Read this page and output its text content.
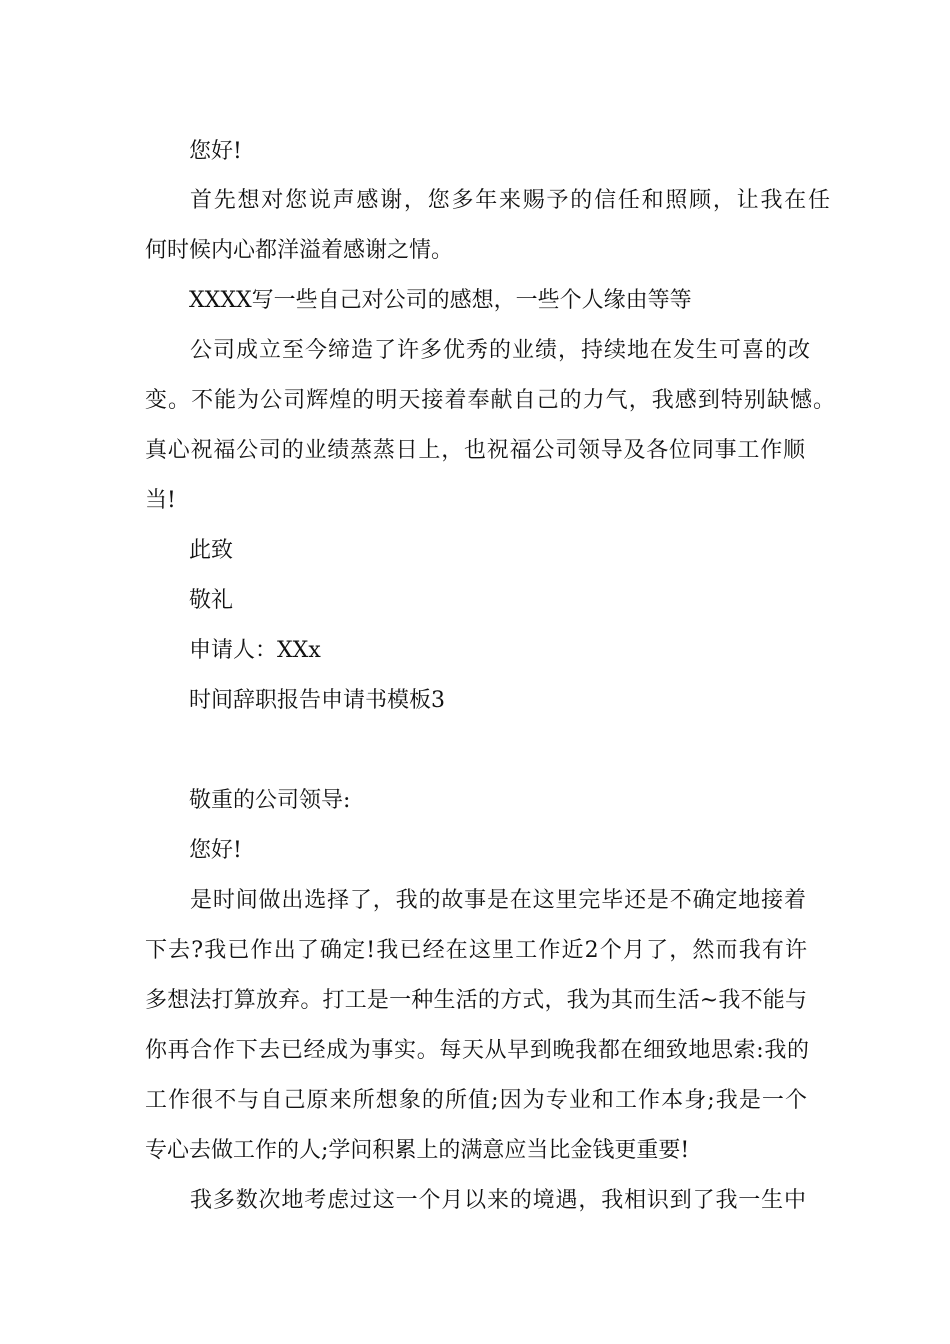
您好!
首先想对您说声感谢，您多年来赐予的信任和照顾，让我在任
何时候内心都洋溢着感谢之情。
XXXX写一些自己对公司的感想，一些个人缘由等等
公司成立至今缔造了许多优秀的业绩，持续地在发生可喜的改
变。不能为公司辉煌的明天接着奉献自己的力气，我感到特别缺憾。
真心祝福公司的业绩蒸蒸日上，也祝福公司领导及各位同事工作顺
当!
此致
敬礼
申请人：XXx
时间辞职报告申请书模板3
敬重的公司领导:
您好!
是时间做出选择了，我的故事是在这里完毕还是不确定地接着
下去?我已作出了确定!我已经在这里工作近2个月了，然而我有许
多想法打算放弃。打工是一种生活的方式，我为其而生活~我不能与
你再合作下去已经成为事实。每天从早到晚我都在细致地思索:我的
工作很不与自己原来所想象的所值;因为专业和工作本身;我是一个
专心去做工作的人;学问积累上的满意应当比金钱更重要!
我多数次地考虑过这一个月以来的境遇，我相识到了我一生中
